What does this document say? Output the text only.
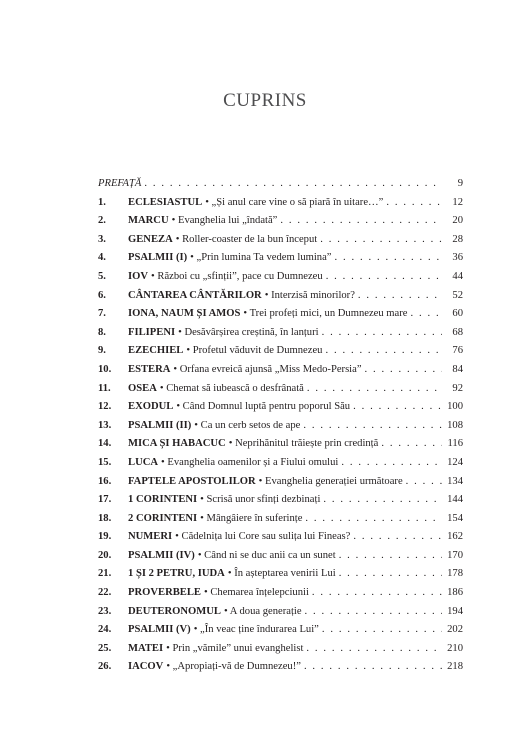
CUPRINS
PREFAȚĂ . . .	9
1.	ECLESIASTUL • „Și anul care vine o să piară în uitare…” . . .	12
2.	MARCU • Evanghelia lui „îndată” . . .	20
3.	GENEZA • Roller-coaster de la bun început . . .	28
4.	PSALMII (I) • „Prin lumina Ta vedem lumina” . . .	36
5.	IOV • Război cu „sfinții”, pace cu Dumnezeu . . .	44
6.	CÂNTAREA CÂNTĂRILOR • Interzisă minorilor? . . .	52
7.	IONA, NAUM ȘI AMOS • Trei profeți mici, un Dumnezeu mare . . .	60
8.	FILIPENI • Desăvârșirea creștină, în lanțuri . . .	68
9.	EZECHIEL • Profetul văduvit de Dumnezeu . . .	76
10.	ESTERA • Orfana evreică ajunsă „Miss Medo-Persia” . . .	84
11.	OSEA • Chemat să iubească o desfrânată . . .	92
12.	EXODUL • Când Domnul luptă pentru poporul Său . . .	100
13.	PSALMII (II) • Ca un cerb setos de ape . . .	108
14.	MICA ȘI HABACUC • Neprihănitul trăiește prin credință . . .	116
15.	LUCA • Evanghelia oamenilor și a Fiului omului . . .	124
16.	FAPTELE APOSTOLILOR • Evanghelia generației următoare . . .	134
17.	1 CORINTENI • Scrisă unor sfinți dezbinați . . .	144
18.	2 CORINTENI • Mângâiere în suferințe . . .	154
19.	NUMERI • Cădelnița lui Core sau sulița lui Fineas? . . .	162
20.	PSALMII (IV) • Când ni se duc anii ca un sunet . . .	170
21.	1 ȘI 2 PETRU, IUDA • În așteptarea venirii Lui . . .	178
22.	PROVERBELE • Chemarea înțelepciunii . . .	186
23.	DEUTERONOMUL • A doua generație . . .	194
24.	PSALMII (V) • „În veac ține îndurarea Lui” . . .	202
25.	MATEI • Prin „vămile” unui evanghelist . . .	210
26.	IACOV • „Apropiați-vă de Dumnezeu!” . . .	218
